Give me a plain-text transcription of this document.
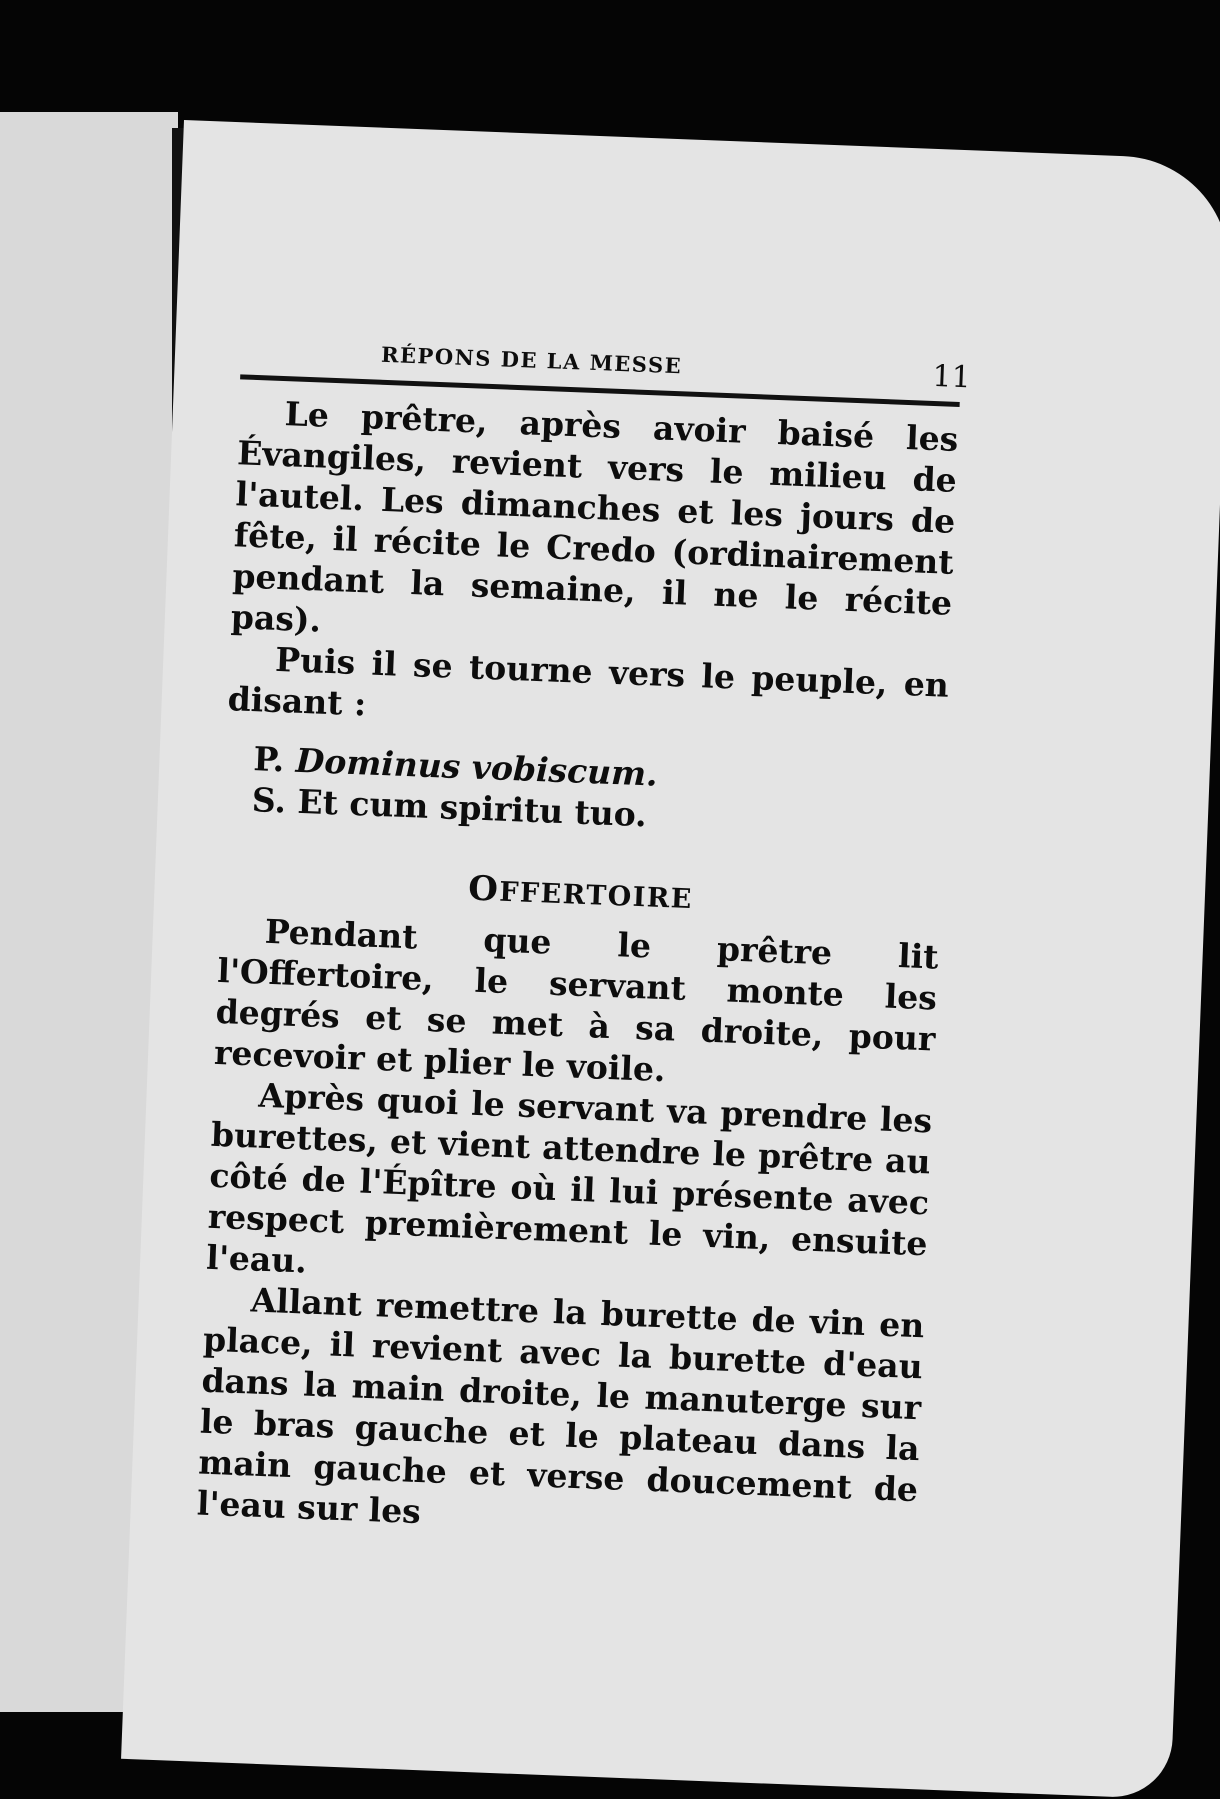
RÉPONS DE LA MESSE	11

Le prêtre, après avoir baisé les Évangiles, revient vers le milieu de l'autel. Les dimanches et les jours de fête, il récite le Credo (ordinairement pendant la semaine, il ne le récite pas).

Puis il se tourne vers le peuple, en disant :

P. Dominus vobiscum.
S. Et cum spiritu tuo.
OFFERTOIRE

Pendant que le prêtre lit l'Offertoire, le servant monte les degrés et se met à sa droite, pour recevoir et plier le voile.

Après quoi le servant va prendre les burettes, et vient attendre le prêtre au côté de l'Épître où il lui présente avec respect premièrement le vin, ensuite l'eau.

Allant remettre la burette de vin en place, il revient avec la burette d'eau dans la main droite, le manuterge sur le bras gauche et le plateau dans la main gauche et verse doucement de l'eau sur les
